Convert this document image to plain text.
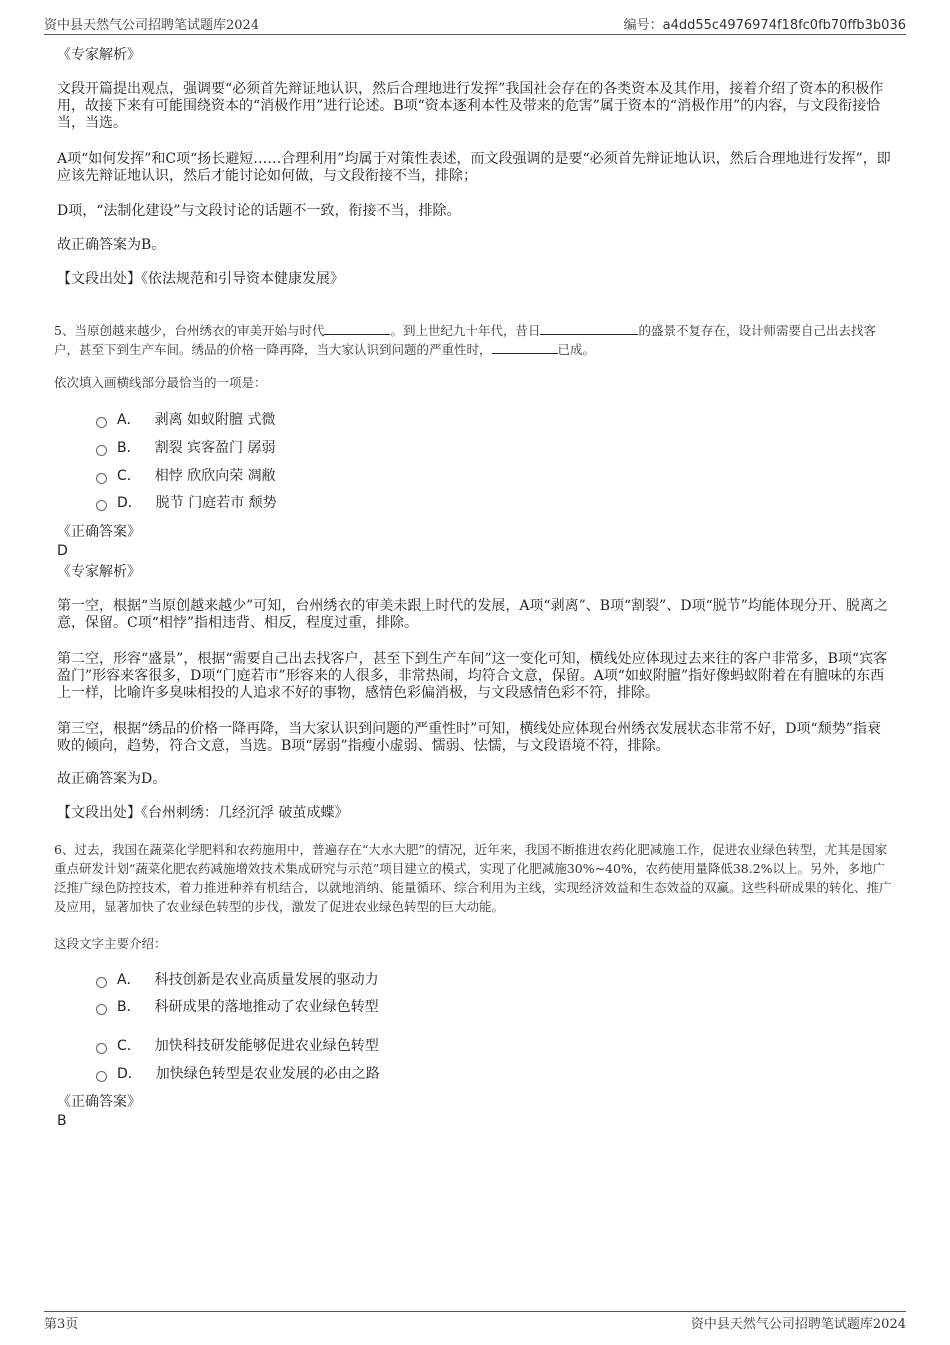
资中县天然气公司招聘笔试题库2024	编号：a4dd55c4976974f18fc0fb70ffb3b036
《专家解析》
文段开篇提出观点，强调要“必须首先辩证地认识，然后合理地进行发挥”我国社会存在的各类资本及其作用，接着介绍了资本的积极作用，故接下来有可能围绕资本的“消极作用”进行论述。B项“资本逐利本性及带来的危害”属于资本的“消极作用”的内容，与文段衔接恰当，当选。
A项“如何发挥”和C项“扬长避短……合理利用”均属于对策性表述，而文段强调的是要“必须首先辩证地认识，然后合理地进行发挥”，即应该先辩证地认识，然后才能讨论如何做，与文段衔接不当，排除；
D项，“法制化建设”与文段讨论的话题不一致，衔接不当，排除。
故正确答案为B。
【文段出处】《依法规范和引导资本健康发展》
5、当原创越来越少，台州绣衣的审美开始与时代	。到上世纪九十年代，昔日	的盛景不复存在，设计师需要自己出去找客户，甚至下到生产车间。绣品的价格一降再降，当大家认识到问题的严重性时，	已成。
依次填入画横线部分最恰当的一项是：
A． 剥离 如蚁附膻 式微
B． 割裂 宾客盈门 孱弱
C． 相悖 欣欣向荣 凋敝
D． 脱节 门庭若市 颓势
《正确答案》
D
《专家解析》
第一空，根据“当原创越来越少”可知，台州绣衣的审美未跟上时代的发展，A项“剥离”、B项“割裂”、D项“脱节”均能体现分开、脱离之意，保留。C项“相悖”指相违背、相反，程度过重，排除。
第二空，形容“盛景”，根据“需要自己出去找客户，甚至下到生产车间”这一变化可知，横线处应体现过去来往的客户非常多，B项“宾客盈门”形容来客很多，D项“门庭若市”形容来的人很多，非常热闹，均符合文意，保留。A项“如蚁附膻”指好像蚂蚁附着在有膻味的东西上一样，比喻许多臭味相投的人追求不好的事物，感情色彩偏消极，与文段感情色彩不符，排除。
第三空，根据“绣品的价格一降再降，当大家认识到问题的严重性时”可知，横线处应体现台州绣衣发展状态非常不好，D项“颓势”指衰败的倾向，趋势，符合文意，当选。B项“孱弱”指瘦小虚弱、懦弱、怯懦，与文段语境不符，排除。
故正确答案为D。
【文段出处】《台州刺绣：几经沉浮 破茧成蝶》
6、过去，我国在蔬菜化学肥料和农药施用中，普遍存在“大水大肥”的情况，近年来，我国不断推进农药化肥减施工作，促进农业绿色转型，尤其是国家重点研发计划“蔬菜化肥农药减施增效技术集成研究与示范”项目建立的模式，实现了化肥减施30%~40%，农药使用量降低38.2%以上。另外，多地广泛推广绿色防控技术，着力推进种养有机结合，以就地消纳、能量循环、综合利用为主线，实现经济效益和生态效益的双赢。这些科研成果的转化、推广及应用，显著加快了农业绿色转型的步伐，激发了促进农业绿色转型的巨大动能。
这段文字主要介绍：
A． 科技创新是农业高质量发展的驱动力
B． 科研成果的落地推动了农业绿色转型
C． 加快科技研发能够促进农业绿色转型
D． 加快绿色转型是农业发展的必由之路
《正确答案》
B
第3页	资中县天然气公司招聘笔试题库2024
